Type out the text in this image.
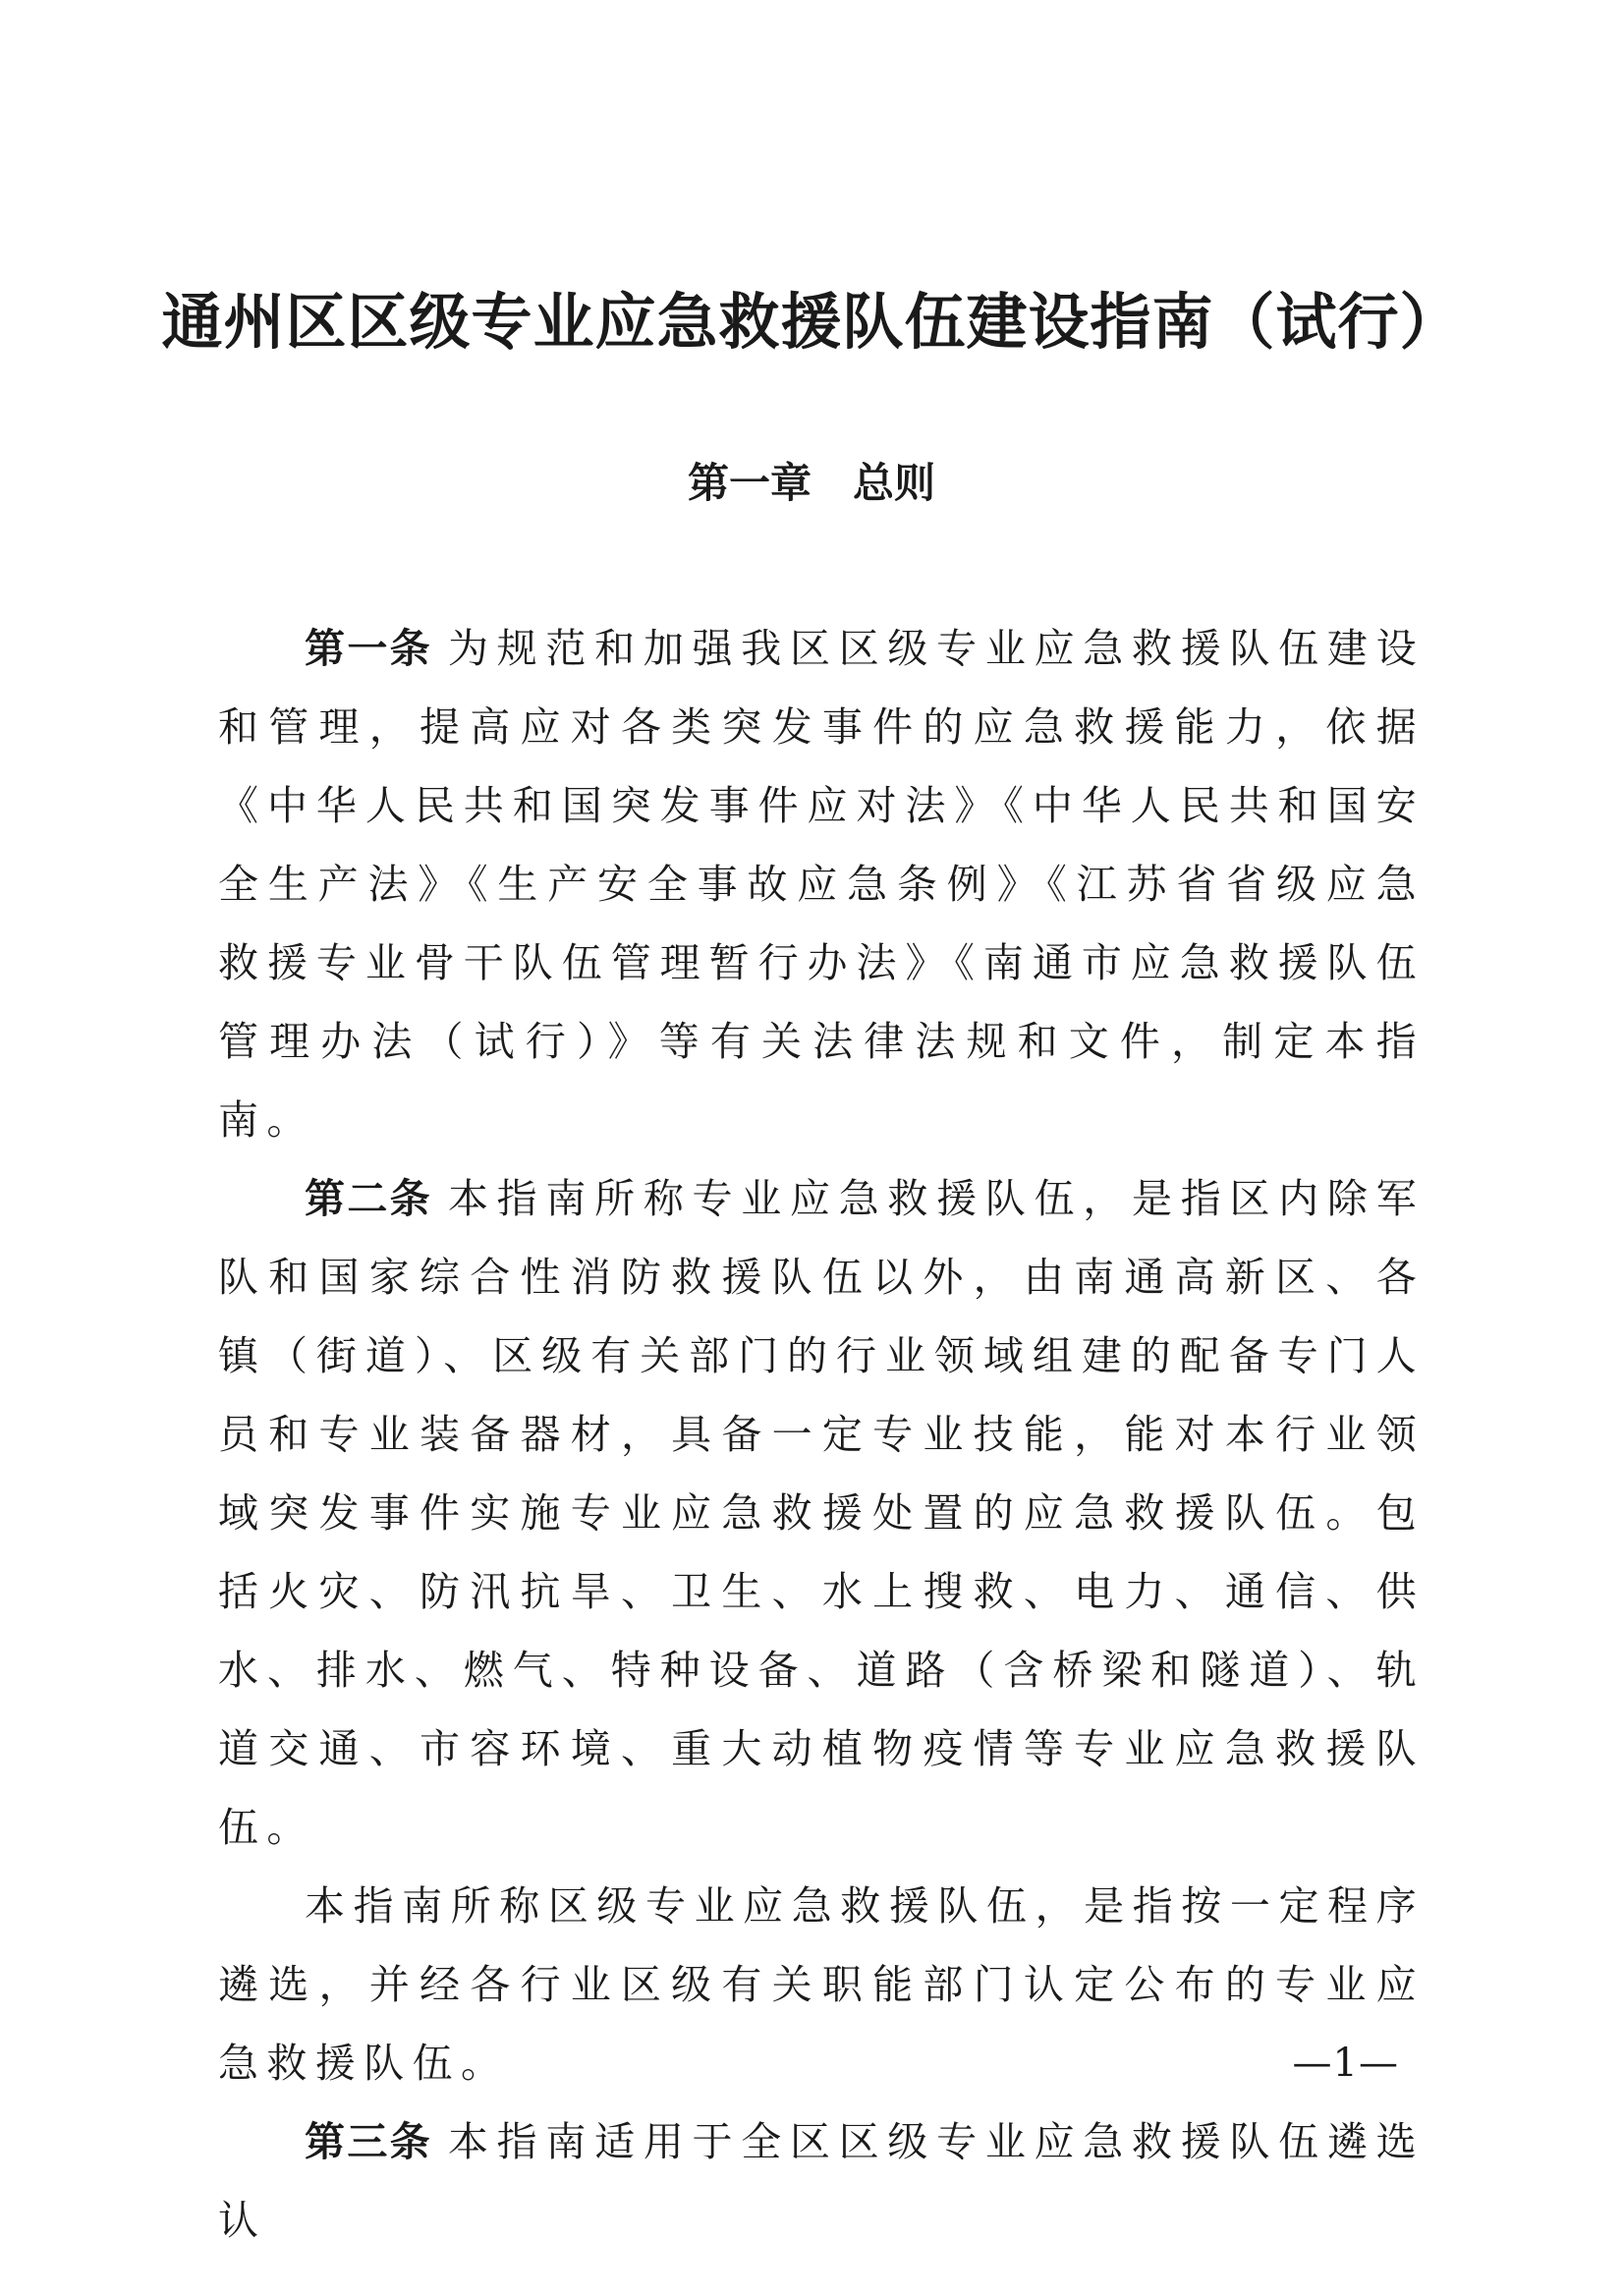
通州区区级专业应急救援队伍建设指南（试行）
第一章　总则

第一条 为规范和加强我区区级专业应急救援队伍建设和管理，提高应对各类突发事件的应急救援能力，依据《中华人民共和国突发事件应对法》《中华人民共和国安全生产法》《生产安全事故应急条例》《江苏省省级应急救援专业骨干队伍管理暂行办法》《南通市应急救援队伍管理办法（试行）》等有关法律法规和文件，制定本指南。

第二条 本指南所称专业应急救援队伍，是指区内除军队和国家综合性消防救援队伍以外，由南通高新区、各镇（街道）、区级有关部门的行业领域组建的配备专门人员和专业装备器材，具备一定专业技能，能对本行业领域突发事件实施专业应急救援处置的应急救援队伍。包括火灾、防汛抗旱、卫生、水上搜救、电力、通信、供水、排水、燃气、特种设备、道路（含桥梁和隧道）、轨道交通、市容环境、重大动植物疫情等专业应急救援队伍。

本指南所称区级专业应急救援队伍，是指按一定程序遴选，并经各行业区级有关职能部门认定公布的专业应急救援队伍。

第三条 本指南适用于全区区级专业应急救援队伍遴选认

—1—
